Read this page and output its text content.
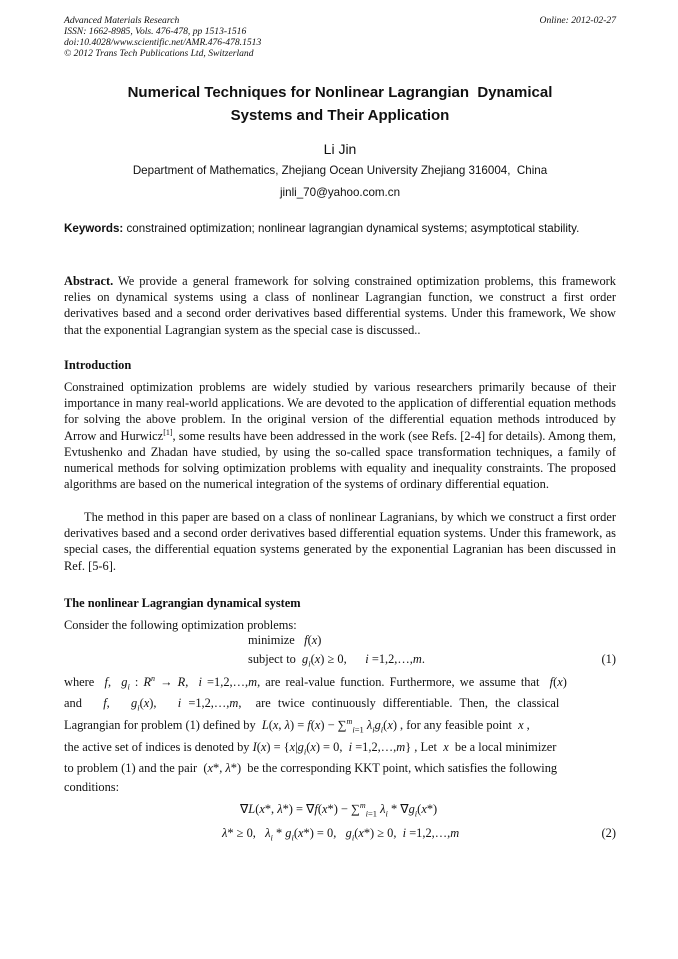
Advanced Materials Research
ISSN: 1662-8985, Vols. 476-478, pp 1513-1516
doi:10.4028/www.scientific.net/AMR.476-478.1513
© 2012 Trans Tech Publications Ltd, Switzerland
Online: 2012-02-27
Numerical Techniques for Nonlinear Lagrangian  Dynamical
Systems and Their Application
Li Jin
Department of Mathematics, Zhejiang Ocean University Zhejiang 316004,  China
jinli_70@yahoo.com.cn
Keywords: constrained optimization; nonlinear lagrangian dynamical systems; asymptotical stability.
Abstract. We provide a general framework for solving constrained optimization problems, this framework relies on dynamical systems using a class of nonlinear Lagrangian function, we construct a first order derivatives based and a second order derivatives based differential systems. Under this framework, We show that the exponential Lagrangian system as the special case is discussed..
Introduction
Constrained optimization problems are widely studied by various researchers primarily because of their importance in many real-world applications. We are devoted to the application of differential equation methods for solving the above problem. In the original version of the differential equation methods introduced by Arrow and Hurwicz[1], some results have been addressed in the work (see Refs. [2-4] for details). Among them, Evtushenko and Zhadan have studied, by using the so-called space transformation techniques, a family of numerical methods for solving optimization problems with equality and inequality constraints. The proposed algorithms are based on the numerical integration of the systems of ordinary differential equation.
The method in this paper are based on a class of nonlinear Lagranians, by which we construct a first order derivatives based and a second order derivatives based differential equation systems. Under this framework, as special cases, the differential equation systems generated by the exponential Lagranian has been discussed in Ref. [5-6].
The nonlinear Lagrangian dynamical system
Consider the following optimization problems:
minimize f(x)
subject to $g_i(x) \ge 0$,      i =1,2,…,m.	(1)
where f,  $g_i$ : $R^n \to R$,  i =1,2,…,m, are real-value function. Furthermore, we assume that f(x)
and f,   $g_i(x)$,   i =1,2,…,m,  are twice continuously differentiable. Then, the classical
Lagrangian for problem (1) defined by L(x, λ) = f(x) − ∑$^m_{i=1}$ $\lambda_ig_i(x)$ , for any feasible point x ,
the active set of indices is denoted by $I(x) = \{x|g_i(x) = 0$,  i =1,2,…,m} , Let x be a local minimizer
to problem (1) and the pair  (x*, λ*)  be the corresponding KKT point, which satisfies the following
conditions:
∇L(x*, λ*) = ∇f(x*) − ∑$^m_{i=1}$ $\lambda_i * \nabla g_i(x*)$
λ* ≥ 0,   $\lambda_i * g_i(x*) = 0$,   $g_i(x*) \ge 0$,  i =1,2,…,m	(2)
